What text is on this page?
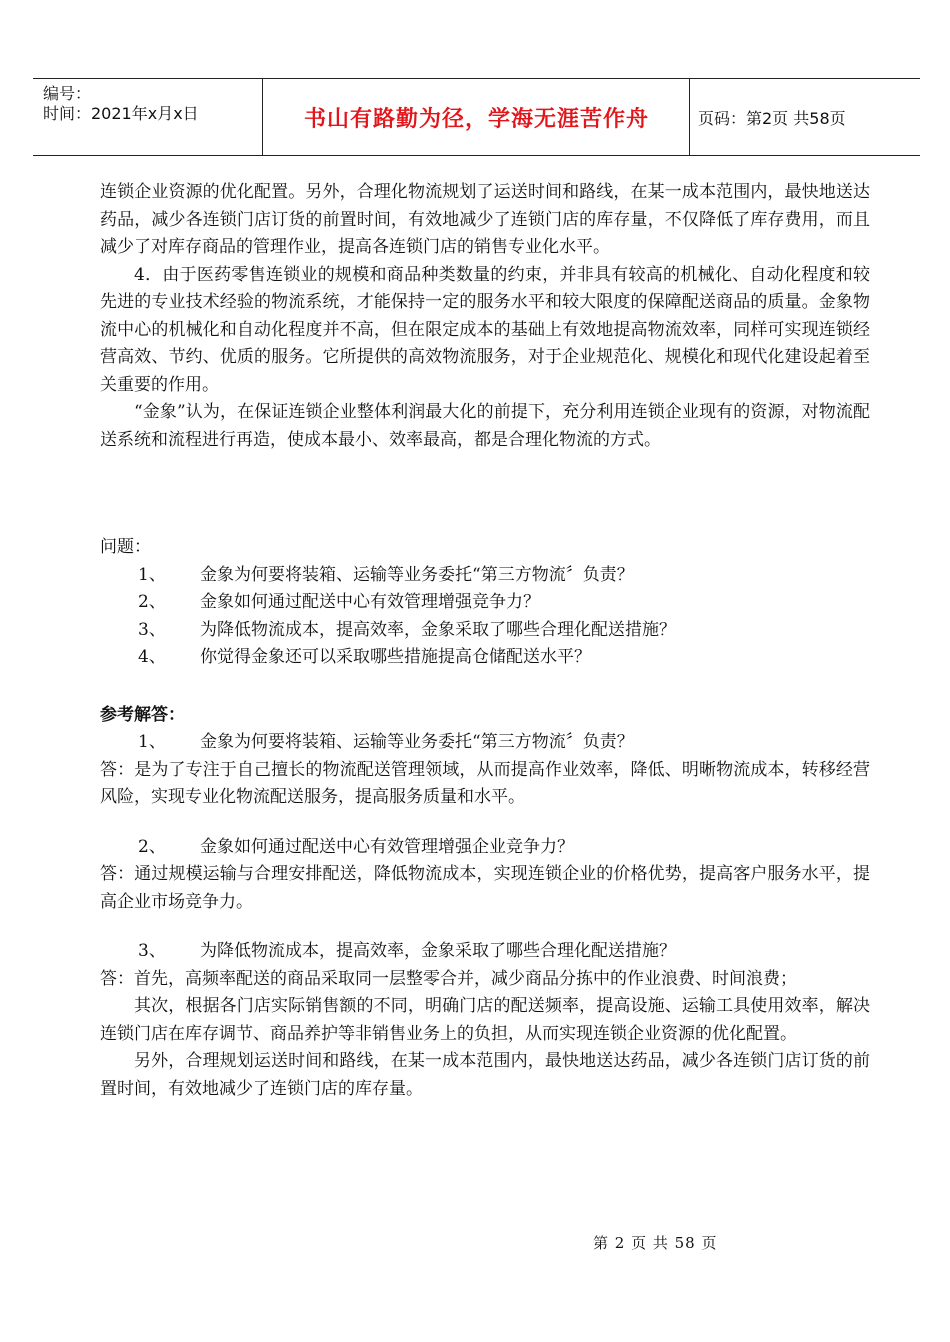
编号：
时间：2021年x月x日	书山有路勤为径，学海无涯苦作舟	页码：第2页 共58页

连锁企业资源的优化配置。另外，合理化物流规划了运送时间和路线，在某一成本范围内，最快地送达药品，减少各连锁门店订货的前置时间，有效地减少了连锁门店的库存量，不仅降低了库存费用，而且减少了对库存商品的管理作业，提高各连锁门店的销售专业化水平。

4．由于医药零售连锁业的规模和商品种类数量的约束，并非具有较高的机械化、自动化程度和较先进的专业技术经验的物流系统，才能保持一定的服务水平和较大限度的保障配送商品的质量。金象物流中心的机械化和自动化程度并不高，但在限定成本的基础上有效地提高物流效率，同样可实现连锁经营高效、节约、优质的服务。它所提供的高效物流服务，对于企业规范化、规模化和现代化建设起着至关重要的作用。

“金象”认为，在保证连锁企业整体利润最大化的前提下，充分利用连锁企业现有的资源，对物流配送系统和流程进行再造，使成本最小、效率最高，都是合理化物流的方式。

问题：

1、	金象为何要将装箱、运输等业务委托“第三方物流〞负责？
2、	金象如何通过配送中心有效管理增强竞争力？
3、	为降低物流成本，提高效率，金象采取了哪些合理化配送措施？
4、	你觉得金象还可以采取哪些措施提高仓储配送水平？

参考解答：

1、	金象为何要将装箱、运输等业务委托“第三方物流〞负责？

答：是为了专注于自己擅长的物流配送管理领域，从而提高作业效率，降低、明晰物流成本，转移经营风险，实现专业化物流配送服务，提高服务质量和水平。

2、	金象如何通过配送中心有效管理增强企业竞争力？

答：通过规模运输与合理安排配送，降低物流成本，实现连锁企业的价格优势，提高客户服务水平，提高企业市场竞争力。

3、	为降低物流成本，提高效率，金象采取了哪些合理化配送措施？

答：首先，高频率配送的商品采取同一层整零合并，减少商品分拣中的作业浪费、时间浪费；

其次，根据各门店实际销售额的不同，明确门店的配送频率，提高设施、运输工具使用效率，解决连锁门店在库存调节、商品养护等非销售业务上的负担，从而实现连锁企业资源的优化配置。

另外，合理规划运送时间和路线，在某一成本范围内，最快地送达药品，减少各连锁门店订货的前置时间，有效地减少了连锁门店的库存量。

第 2 页 共 58 页
